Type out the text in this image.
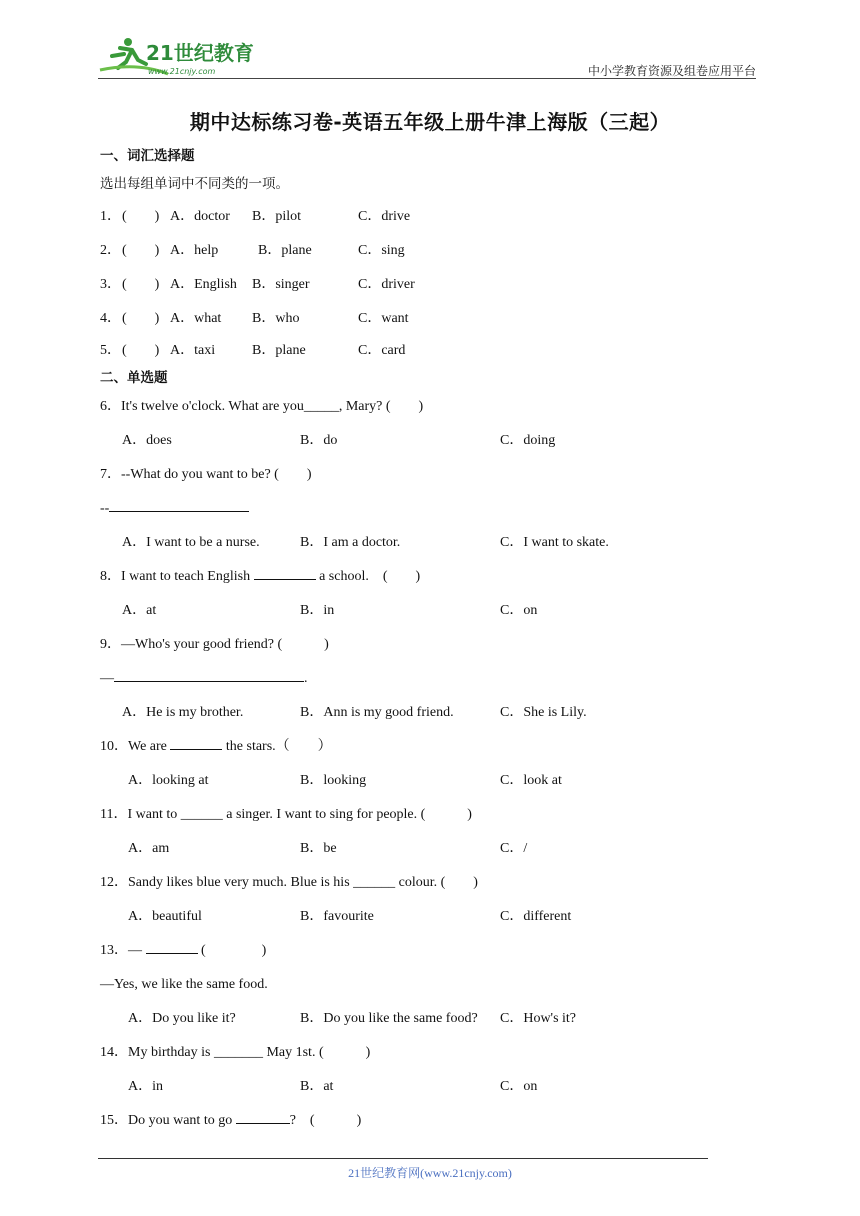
21世纪教育
www.21cnjy.com	中小学教育资源及组卷应用平台
期中达标练习卷-英语五年级上册牛津上海版（三起）
一、词汇选择题
选出每组单词中不同类的一项。
1．(　　) A．doctor B．pilot	C．drive
2．(　　) A．help	B．plane	C．sing
3．(　　) A．English B．singer	C．driver
4．(　　) A．what B．who	C．want
5．(　　) A．taxi	B．plane	C．card
二、单选题
6．It's twelve o'clock. What are you_____, Mary? (　　)
A．does	B．do	C．doing
7．--What do you want to be? (　　)
--
A．I want to be a nurse.	B．I am a doctor.	C．I want to skate.
8．I want to teach English	a school.　(　　)
A．at	B．in	C．on
9．—Who's your good friend? (　　　)
—	.
A．He is my brother.	B．Ann is my good friend.	C．She is Lily.
10．We are	the stars.（　　）
A．looking at	B．looking	C．look at
11．I want to ______ a singer. I want to sing for people. (　　　)
A．am	B．be	C．/
12．Sandy likes blue very much. Blue is his ______ colour. (　　)
A．beautiful	B．favourite	C．different
13．—	(　　　　)
—Yes, we like the same food.
A．Do you like it?	B．Do you like the same food? C．How's it?
14．My birthday is _______ May 1st. (　　　)
A．in	B．at	C．on
15．Do you want to go	?　(　　　)
21世纪教育网(www.21cnjy.com)
